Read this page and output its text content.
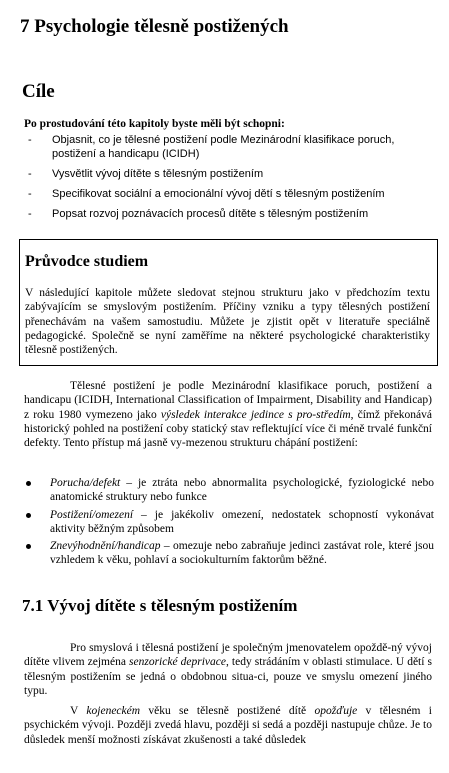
7 Psychologie tělesně postižených
Cíle
Po prostudování této kapitoly byste měli být schopni:
- Objasnit, co je tělesné postižení podle Mezinárodní klasifikace poruch, postižení a handicapu (ICIDH)
- Vysvětlit vývoj dítěte s tělesným postižením
- Specifikovat sociální a emocionální vývoj dětí s tělesným postižením
- Popsat rozvoj poznávacích procesů dítěte s tělesným postižením
Průvodce studiem
V následující kapitole můžete sledovat stejnou strukturu jako v předchozím textu zabývajícím se smyslovým postižením. Příčiny vzniku a typy tělesných postižení přenechávám na vašem samostudiu. Můžete je zjistit opět v literatuře speciálně pedagogické. Společně se nyní zaměříme na některé psychologické charakteristiky tělesně postižených.
Tělesné postižení je podle Mezinárodní klasifikace poruch, postižení a handicapu (ICIDH, International Classification of Impairment, Disability and Handicap) z roku 1980 vymezeno jako výsledek interakce jedince s pro-středím, čímž překonává historický pohled na postižení coby statický stav reflektující více či méně trvalé funkční defekty. Tento přístup má jasně vy-mezenou strukturu chápání postižení:
Porucha/defekt – je ztráta nebo abnormalita psychologické, fyziologické nebo anatomické struktury nebo funkce
Postižení/omezení – je jakékoliv omezení, nedostatek schopností vykonávat aktivity běžným způsobem
Znevýhodnění/handicap – omezuje nebo zabraňuje jedinci zastávat role, které jsou vzhledem k věku, pohlaví a sociokulturním faktorům běžné.
7.1 Vývoj dítěte s tělesným postižením
Pro smyslová i tělesná postižení je společným jmenovatelem opoždě-ný vývoj dítěte vlivem zejména senzorické deprivace, tedy strádáním v oblasti stimulace. U dětí s tělesným postižením se jedná o obdobnou situa-ci, pouze ve smyslu omezení jiného typu.
V kojeneckém věku se tělesně postižené dítě opožďuje v tělesném i psychickém vývoji. Později zvedá hlavu, později si sedá a později nastupuje chůze. Je to důsledek menší možnosti získávat zkušenosti a také důsledek
